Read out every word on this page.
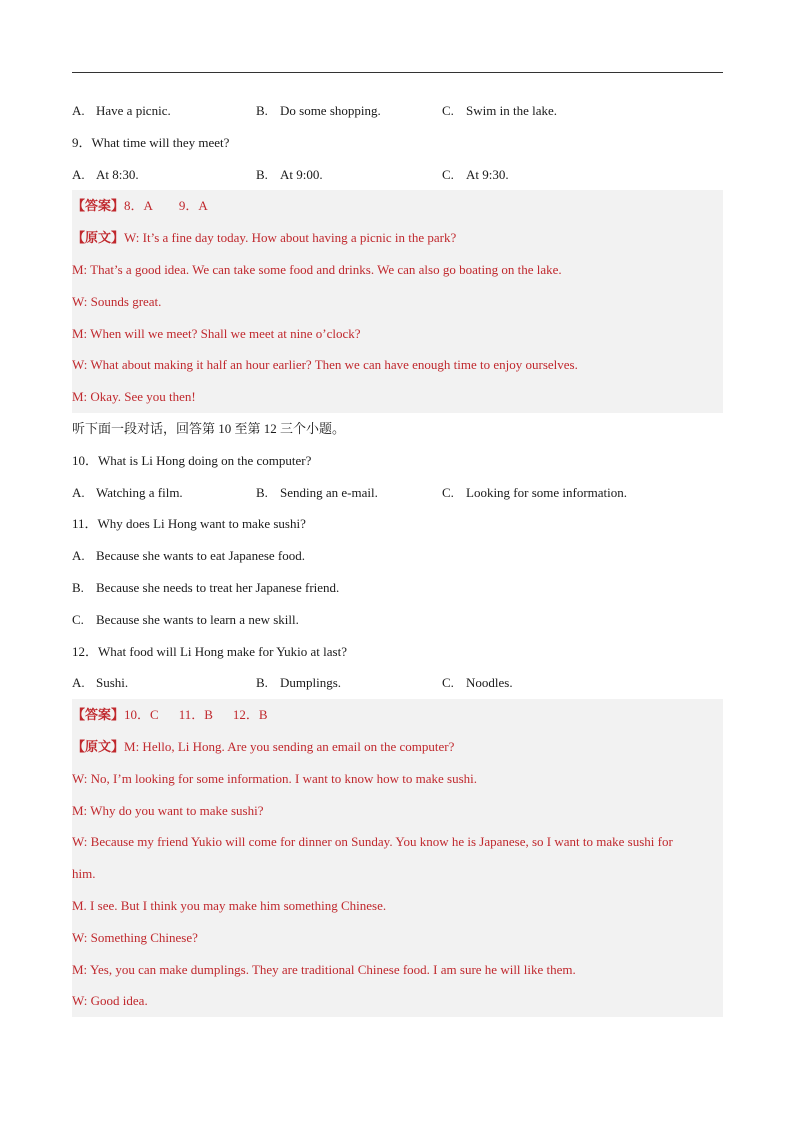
A. Have a picnic.	B. Do some shopping.	C. Swim in the lake.
9．What time will they meet?
A. At 8:30.	B. At 9:00.	C. At 9:30.
【答案】8．A 9．A
【原文】W: It’s a fine day today. How about having a picnic in the park?
M: That’s a good idea. We can take some food and drinks. We can also go boating on the lake.
W: Sounds great.
M: When will we meet? Shall we meet at nine o’clock?
W: What about making it half an hour earlier? Then we can have enough time to enjoy ourselves.
M: Okay. See you then!
听下面一段对话，回答第 10 至第 12 三个小题。
10．What is Li Hong doing on the computer?
A. Watching a film.	B. Sending an e-mail.	C. Looking for some information.
11．Why does Li Hong want to make sushi?
A. Because she wants to eat Japanese food.
B. Because she needs to treat her Japanese friend.
C. Because she wants to learn a new skill.
12．What food will Li Hong make for Yukio at last?
A. Sushi.	B. Dumplings.	C. Noodles.
【答案】10．C 11．B 12．B
【原文】M: Hello, Li Hong. Are you sending an email on the computer?
W: No, I’m looking for some information. I want to know how to make sushi.
M: Why do you want to make sushi?
W: Because my friend Yukio will come for dinner on Sunday. You know he is Japanese, so I want to make sushi for
him.
M. I see. But I think you may make him something Chinese.
W: Something Chinese?
M: Yes, you can make dumplings. They are traditional Chinese food. I am sure he will like them.
W: Good idea.
